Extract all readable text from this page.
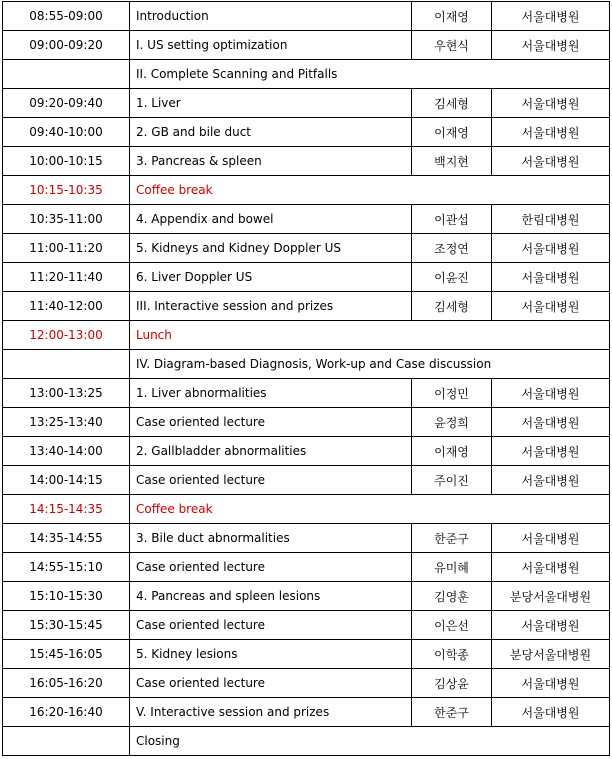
08:55-09:00	Introduction	이재영	서울대병원
09:00-09:20	I. US setting optimization	우현식	서울대병원
	II. Complete Scanning and Pitfalls		
09:20-09:40	1. Liver	김세형	서울대병원
09:40-10:00	2. GB and bile duct	이재영	서울대병원
10:00-10:15	3. Pancreas & spleen	백지현	서울대병원
10:15-10:35	Coffee break		
10:35-11:00	4. Appendix and bowel	이관섭	한림대병원
11:00-11:20	5. Kidneys and Kidney Doppler US	조정연	서울대병원
11:20-11:40	6. Liver Doppler US	이윤진	서울대병원
11:40-12:00	III. Interactive session and prizes	김세형	서울대병원
12:00-13:00	Lunch		
	IV. Diagram-based Diagnosis, Work-up and Case discussion		
13:00-13:25	1. Liver abnormalities	이정민	서울대병원
13:25-13:40	Case oriented lecture	윤정희	서울대병원
13:40-14:00	2. Gallbladder abnormalities	이재영	서울대병원
14:00-14:15	Case oriented lecture	주이진	서울대병원
14:15-14:35	Coffee break		
14:35-14:55	3. Bile duct abnormalities	한준구	서울대병원
14:55-15:10	Case oriented lecture	유미혜	서울대병원
15:10-15:30	4. Pancreas and spleen lesions	김영훈	분당서울대병원
15:30-15:45	Case oriented lecture	이은선	서울대병원
15:45-16:05	5. Kidney lesions	이학종	분당서울대병원
16:05-16:20	Case oriented lecture	김상윤	서울대병원
16:20-16:40	V. Interactive session and prizes	한준구	서울대병원
	Closing		
